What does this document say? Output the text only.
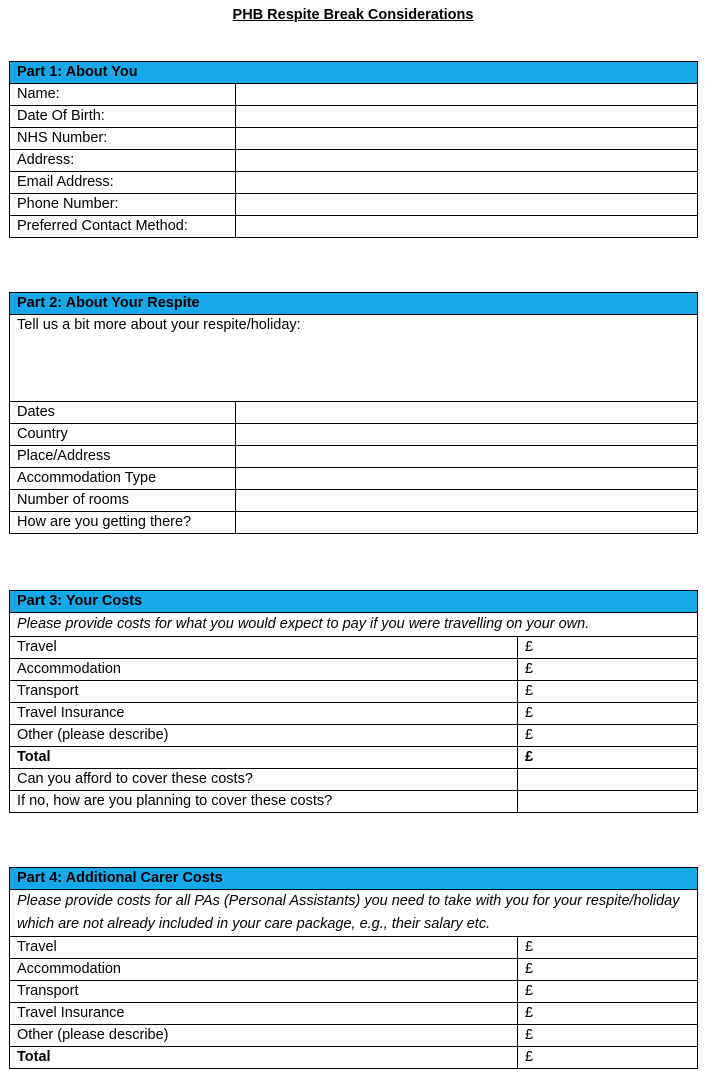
PHB Respite Break Considerations
Part 1: About You	
Name:	
Date Of Birth:	
NHS Number:	
Address:	
Email Address:	
Phone Number:	
Preferred Contact Method:	
Part 2: About Your Respite	
Tell us a bit more about your respite/holiday:	
Dates	
Country	
Place/Address	
Accommodation Type	
Number of rooms	
How are you getting there?	
Part 3: Your Costs	
Please provide costs for what you would expect to pay if you were travelling on your own.	
Travel	£
Accommodation	£
Transport	£
Travel Insurance	£
Other (please describe)	£
Total	£
Can you afford to cover these costs?	
If no, how are you planning to cover these costs?	
Part 4: Additional Carer Costs	
Please provide costs for all PAs (Personal Assistants) you need to take with you for your respite/holiday which are not already included in your care package, e.g., their salary etc.	
Travel	£
Accommodation	£
Transport	£
Travel Insurance	£
Other (please describe)	£
Total	£
